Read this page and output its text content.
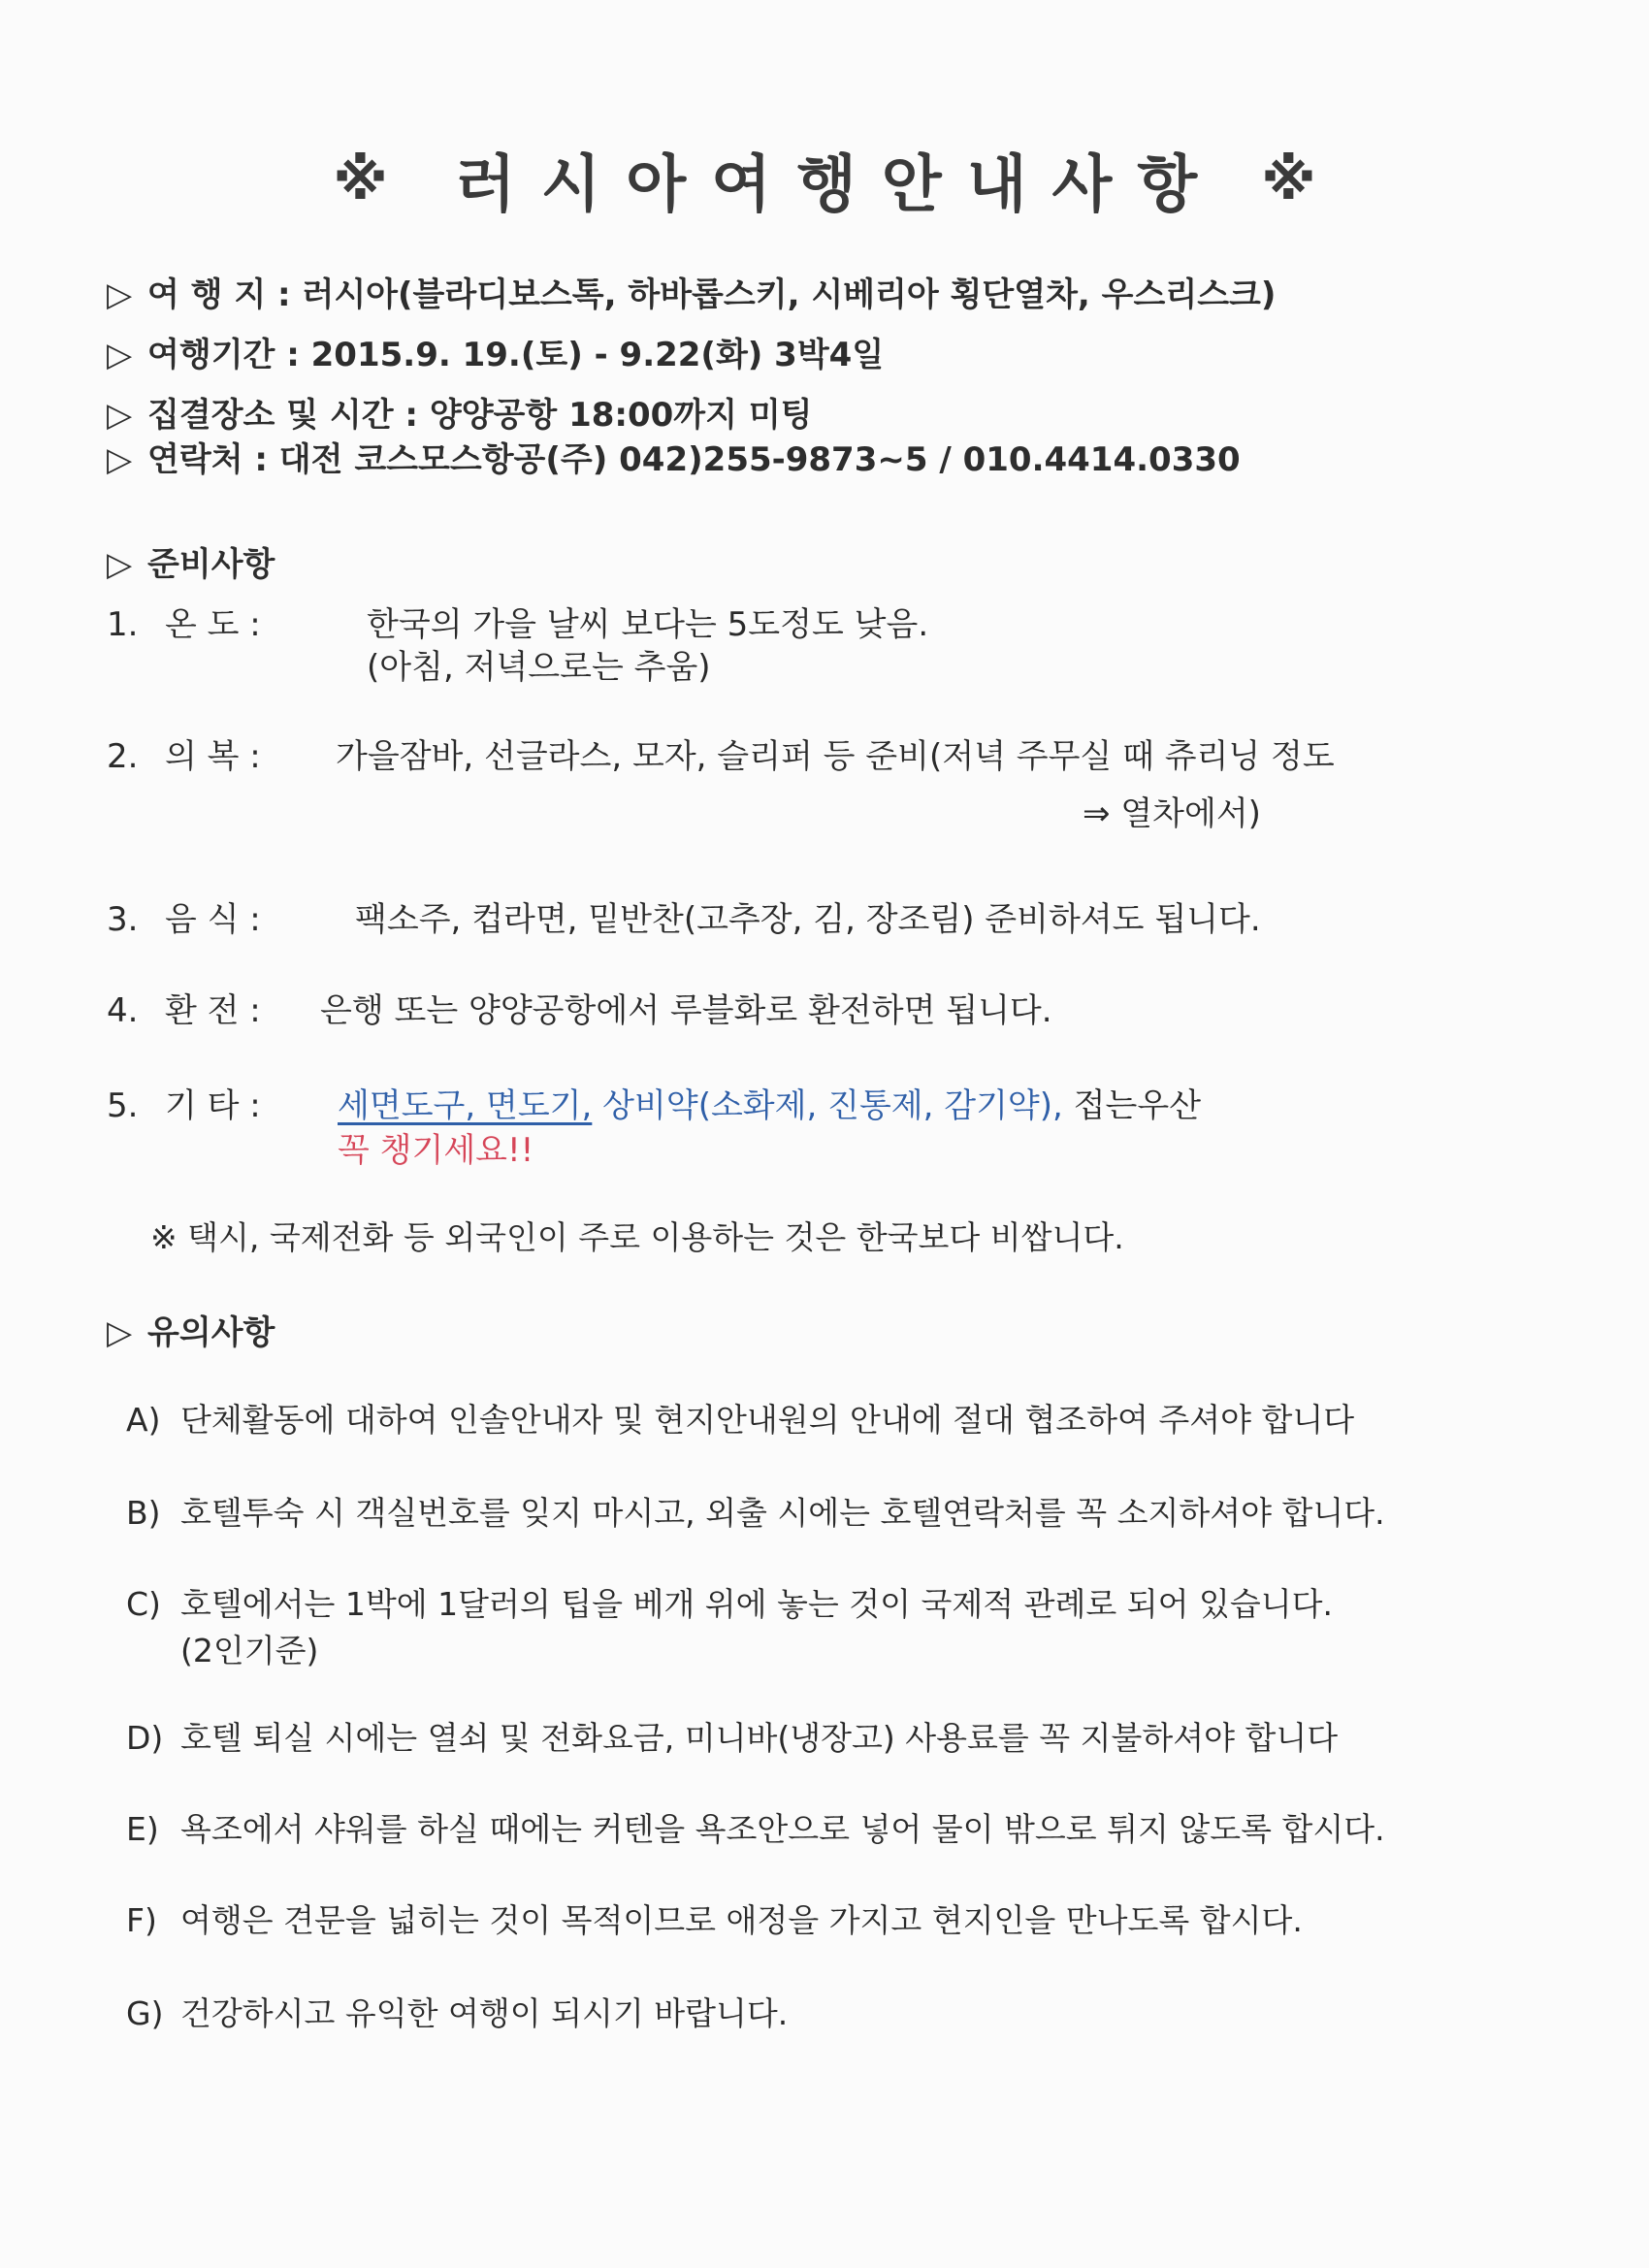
※ 러시아여행안내사항 ※
▷ 여 행 지 : 러시아(블라디보스톡, 하바롭스키, 시베리아 횡단열차, 우스리스크)
▷ 여행기간 : 2015.9. 19.(토) - 9.22(화) 3박4일
▷ 집결장소 및 시간 : 양양공항 18:00까지 미팅
▷ 연락처 : 대전 코스모스항공(주) 042)255-9873~5 / 010.4414.0330
▷ 준비사항
1. 온 도 :	한국의 가을 날씨 보다는 5도정도 낮음.
(아침, 저녁으로는 추움)
2. 의 복 : 가을잠바, 선글라스, 모자, 슬리퍼 등 준비(저녁 주무실 때 츄리닝 정도
⇒ 열차에서)
3. 음 식 :	팩소주, 컵라면, 밑반찬(고추장, 김, 장조림) 준비하셔도 됩니다.
4. 환 전 : 은행 또는 양양공항에서 루블화로 환전하면 됩니다.
5. 기 타 : 세면도구, 면도기, 상비약(소화제, 진통제, 감기약), 접는우산
꼭 챙기세요!!
※ 택시, 국제전화 등 외국인이 주로 이용하는 것은 한국보다 비쌉니다.
▷ 유의사항
A) 단체활동에 대하여 인솔안내자 및 현지안내원의 안내에 절대 협조하여 주셔야 합니다
B) 호텔투숙 시 객실번호를 잊지 마시고, 외출 시에는 호텔연락처를 꼭 소지하셔야 합니다.
C) 호텔에서는 1박에 1달러의 팁을 베개 위에 놓는 것이 국제적 관례로 되어 있습니다.
(2인기준)
D) 호텔 퇴실 시에는 열쇠 및 전화요금, 미니바(냉장고) 사용료를 꼭 지불하셔야 합니다
E) 욕조에서 샤워를 하실 때에는 커텐을 욕조안으로 넣어 물이 밖으로 튀지 않도록 합시다.
F) 여행은 견문을 넓히는 것이 목적이므로 애정을 가지고 현지인을 만나도록 합시다.
G) 건강하시고 유익한 여행이 되시기 바랍니다.
